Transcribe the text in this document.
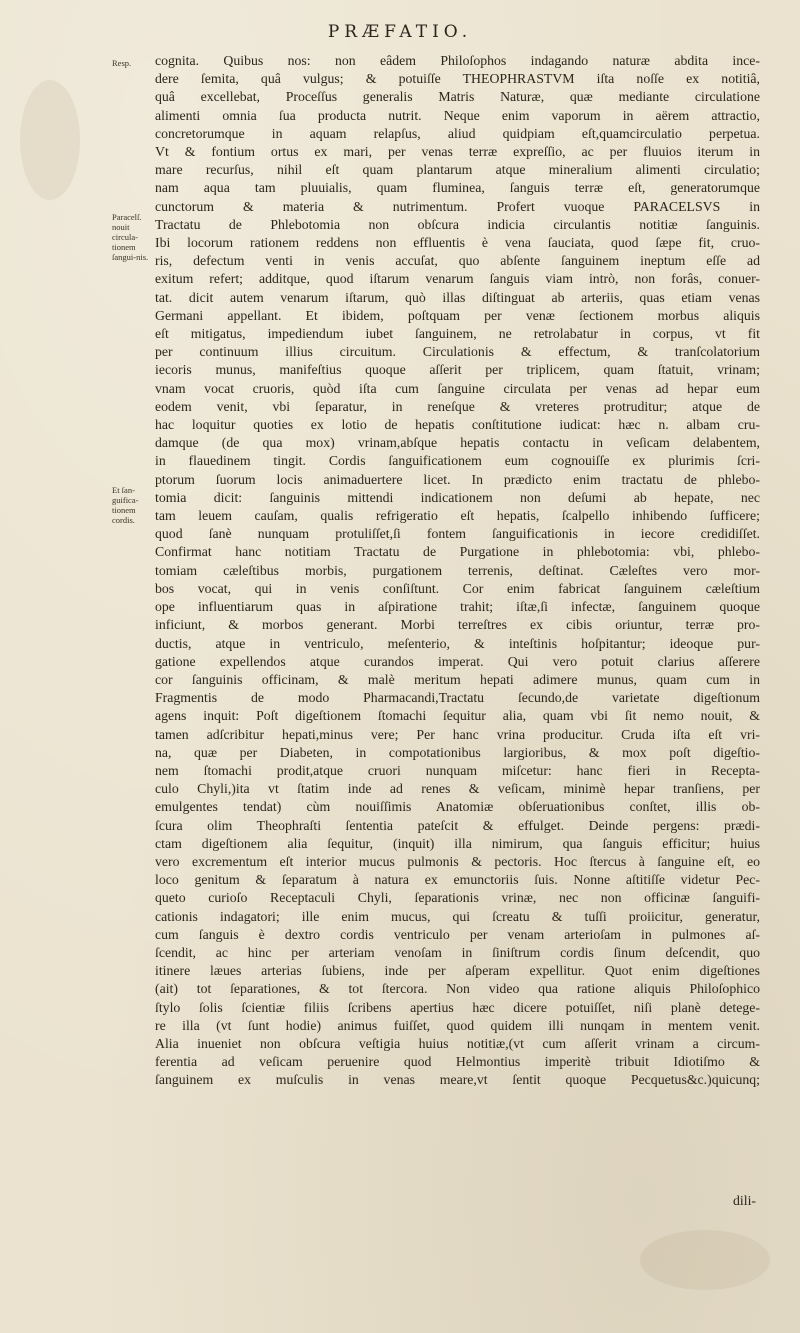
PRÆFATIO.
Resp.
Paracelſ. nouit circula-tionem ſangui-nis.
Et ſan-guifica-tionem cordis.
cognita. Quibus nos: non eâdem Philoſophos indagando naturæ abdita ince-
dere ſemita, quâ vulgus; & potuiſſe THEOPHRASTVM iſta noſſe ex notitiâ,
quâ excellebat, Proceſſus generalis Matris Naturæ, quæ mediante circulatione
alimenti omnia ſua producta nutrit. Neque enim vaporum in aërem attractio,
concretorumque in aquam relapſus, aliud quidpiam eſt,quamcirculatio perpetua.
Vt & fontium ortus ex mari, per venas terræ expreſſio, ac per fluuios iterum in
mare recurſus, nihil eſt quam plantarum atque mineralium alimenti circulatio;
nam aqua tam pluuialis, quam fluminea, ſanguis terræ eſt, generatorumque
cunctorum & materia & nutrimentum. Profert vuoque PARACELSVS in
Tractatu de Phlebotomia non obſcura indicia circulantis notitiæ ſanguinis.
Ibi locorum rationem reddens non effluentis è vena ſauciata, quod ſæpe fit, cruo-
ris, defectum venti in venis accuſat, quo abſente ſanguinem ineptum eſſe ad
exitum refert; additque, quod iſtarum venarum ſanguis viam intrò, non forâs, conuer-
tat. dicit autem venarum iſtarum, quò illas diſtinguat ab arteriis, quas etiam venas
Germani appellant. Et ibidem, poſtquam per venæ ſectionem morbus aliquis
eſt mitigatus, impediendum iubet ſanguinem, ne retrolabatur in corpus, vt fit
per continuum illius circuitum. Circulationis & effectum, & tranſcolatorium
iecoris munus, manifeſtius quoque aſſerit per triplicem, quam ſtatuit, vrinam;
vnam vocat cruoris, quòd iſta cum ſanguine circulata per venas ad hepar eum
eodem venit, vbi ſeparatur, in reneſque & vreteres protruditur; atque de
hac loquitur quoties ex lotio de hepatis conſtitutione iudicat: hæc n. albam cru-
damque (de qua mox) vrinam,abſque hepatis contactu in veſicam delabentem,
in flauedinem tingit. Cordis ſanguificationem eum cognouiſſe ex plurimis ſcri-
ptorum ſuorum locis animaduertere licet. In prædicto enim tractatu de phlebo-
tomia dicit: ſanguinis mittendi indicationem non deſumi ab hepate, nec
tam leuem cauſam, qualis refrigeratio eſt hepatis, ſcalpello inhibendo ſufficere;
quod ſanè nunquam protuliſſet,ſi fontem ſanguificationis in iecore credidiſſet.
Confirmat hanc notitiam Tractatu de Purgatione in phlebotomia: vbi, phlebo-
tomiam cæleſtibus morbis, purgationem terrenis, deſtinat. Cæleſtes vero mor-
bos vocat, qui in venis conſiſtunt. Cor enim fabricat ſanguinem cæleſtium
ope influentiarum quas in aſpiratione trahit; iſtæ,ſi infectæ, ſanguinem quoque
inficiunt, & morbos generant. Morbi terreſtres ex cibis oriuntur, terræ pro-
ductis, atque in ventriculo, meſenterio, & inteſtinis hoſpitantur; ideoque pur-
gatione expellendos atque curandos imperat. Qui vero potuit clarius aſſerere
cor ſanguinis officinam, & malè meritum hepati adimere munus, quam cum in
Fragmentis de modo Pharmacandi,Tractatu ſecundo,de varietate digeſtionum
agens inquit: Poſt digeſtionem ſtomachi ſequitur alia, quam vbi ſit nemo nouit, &
tamen adſcribitur hepati,minus vere; Per hanc vrina producitur. Cruda iſta eſt vri-
na, quæ per Diabeten, in compotationibus largioribus, & mox poſt digeſtio-
nem ſtomachi prodit,atque cruori nunquam miſcetur: hanc fieri in Recepta-
culo Chyli,)ita vt ſtatim inde ad renes & veſicam, minimè hepar tranſiens, per
emulgentes tendat) cùm nouiſſimis Anatomiæ obſeruationibus conſtet, illis ob-
ſcura olim Theophraſti ſententia pateſcit & effulget. Deinde pergens: prædi-
ctam digeſtionem alia ſequitur, (inquit) illa nimirum, qua ſanguis efficitur; huius
vero excrementum eſt interior mucus pulmonis & pectoris. Hoc ſtercus à ſanguine eſt, eo
loco genitum & ſeparatum à natura ex emunctoriis ſuis. Nonne aſtitiſſe videtur Pec-
queto curioſo Receptaculi Chyli, ſeparationis vrinæ, nec non officinæ ſanguifi-
cationis indagatori; ille enim mucus, qui ſcreatu & tuſſi proiicitur, generatur,
cum ſanguis è dextro cordis ventriculo per venam arterioſam in pulmones aſ-
ſcendit, ac hinc per arteriam venoſam in ſiniſtrum cordis ſinum deſcendit, quo
itinere læues arterias ſubiens, inde per aſperam expellitur. Quot enim digeſtiones
(ait) tot ſeparationes, & tot ſtercora. Non video qua ratione aliquis Philoſophico
ſtylo ſolis ſcientiæ filiis ſcribens apertius hæc dicere potuiſſet, niſi planè detege-
re illa (vt ſunt hodie) animus fuiſſet, quod quidem illi nunqam in mentem venit.
Alia inueniet non obſcura veſtigia huius notitiæ,(vt cum aſſerit vrinam a circum-
ferentia ad veſicam peruenire quod Helmontius imperitè tribuit Idiotiſmo &
ſanguinem ex muſculis in venas meare,vt ſentit quoque Pecquetus&c.)quicunq;
dili-
